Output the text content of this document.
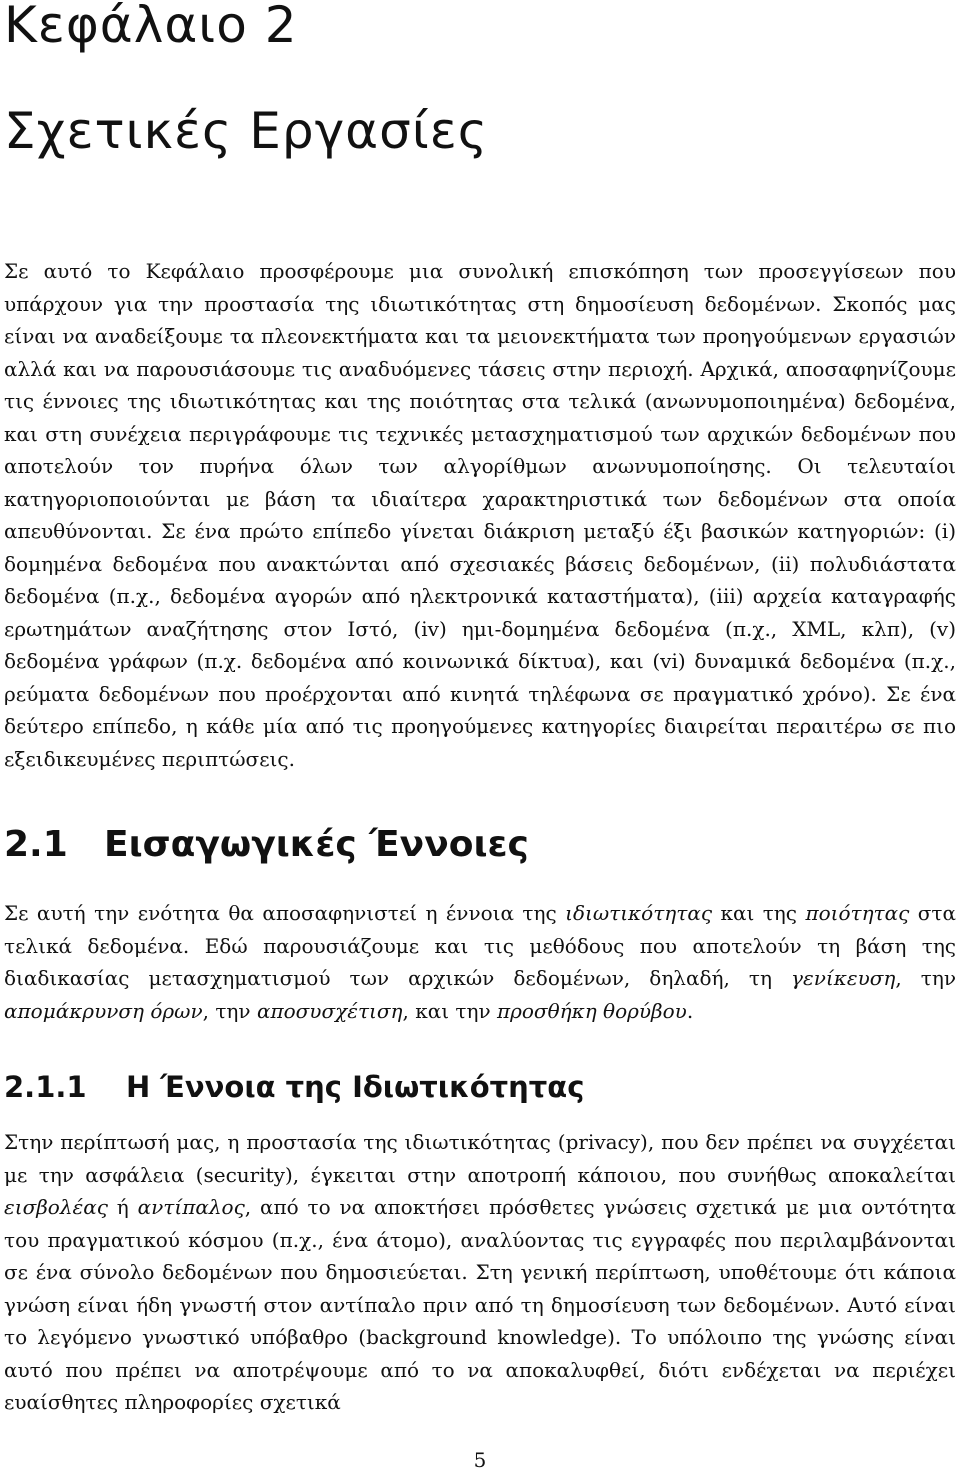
Κεφάλαιο 2
Σχετικές Εργασίες

Σε αυτό το Κεφάλαιο προσφέρουμε μια συνολική επισκόπηση των προσεγγίσεων που υπάρχουν για την προστασία της ιδιωτικότητας στη δημοσίευση δεδομένων. Σκοπός μας είναι να αναδείξουμε τα πλεονεκτήματα και τα μειονεκτήματα των προηγούμενων εργασιών αλλά και να παρουσιάσουμε τις αναδυόμενες τάσεις στην περιοχή. Αρχικά, αποσαφηνίζουμε τις έννοιες της ιδιωτικότητας και της ποιότητας στα τελικά (ανωνυμοποιημένα) δεδομένα, και στη συνέχεια περιγράφουμε τις τεχνικές μετασχηματισμού των αρχικών δεδομένων που αποτελούν τον πυρήνα όλων των αλγορίθμων ανωνυμοποίησης. Οι τελευταίοι κατηγοριοποιούνται με βάση τα ιδιαίτερα χαρακτηριστικά των δεδομένων στα οποία απευθύνονται. Σε ένα πρώτο επίπεδο γίνεται διάκριση μεταξύ έξι βασικών κατηγοριών: (i) δομημένα δεδομένα που ανακτώνται από σχεσιακές βάσεις δεδομένων, (ii) πολυδιάστατα δεδομένα (π.χ., δεδομένα αγορών από ηλεκτρονικά καταστήματα), (iii) αρχεία καταγραφής ερωτημάτων αναζήτησης στον Ιστό, (iv) ημι-δομημένα δεδομένα (π.χ., XML, κλπ), (v) δεδομένα γράφων (π.χ. δεδομένα από κοινωνικά δίκτυα), και (vi) δυναμικά δεδομένα (π.χ., ρεύματα δεδομένων που προέρχονται από κινητά τηλέφωνα σε πραγματικό χρόνο). Σε ένα δεύτερο επίπεδο, η κάθε μία από τις προηγούμενες κατηγορίες διαιρείται περαιτέρω σε πιο εξειδικευμένες περιπτώσεις.

2.1 Εισαγωγικές Έννοιες

Σε αυτή την ενότητα θα αποσαφηνιστεί η έννοια της ιδιωτικότητας και της ποιότητας στα τελικά δεδομένα. Εδώ παρουσιάζουμε και τις μεθόδους που αποτελούν τη βάση της διαδικασίας μετασχηματισμού των αρχικών δεδομένων, δηλαδή, τη γενίκευση, την απομάκρυνση όρων, την αποσυσχέτιση, και την προσθήκη θορύβου.

2.1.1 Η Έννοια της Ιδιωτικότητας

Στην περίπτωσή μας, η προστασία της ιδιωτικότητας (privacy), που δεν πρέπει να συγχέεται με την ασφάλεια (security), έγκειται στην αποτροπή κάποιου, που συνήθως αποκαλείται εισβολέας ή αντίπαλος, από το να αποκτήσει πρόσθετες γνώσεις σχετικά με μια οντότητα του πραγματικού κόσμου (π.χ., ένα άτομο), αναλύοντας τις εγγραφές που περιλαμβάνονται σε ένα σύνολο δεδομένων που δημοσιεύεται. Στη γενική περίπτωση, υποθέτουμε ότι κάποια γνώση είναι ήδη γνωστή στον αντίπαλο πριν από τη δημοσίευση των δεδομένων. Αυτό είναι το λεγόμενο γνωστικό υπόβαθρο (background knowledge). Το υπόλοιπο της γνώσης είναι αυτό που πρέπει να αποτρέψουμε από το να αποκαλυφθεί, διότι ενδέχεται να περιέχει ευαίσθητες πληροφορίες σχετικά

5
